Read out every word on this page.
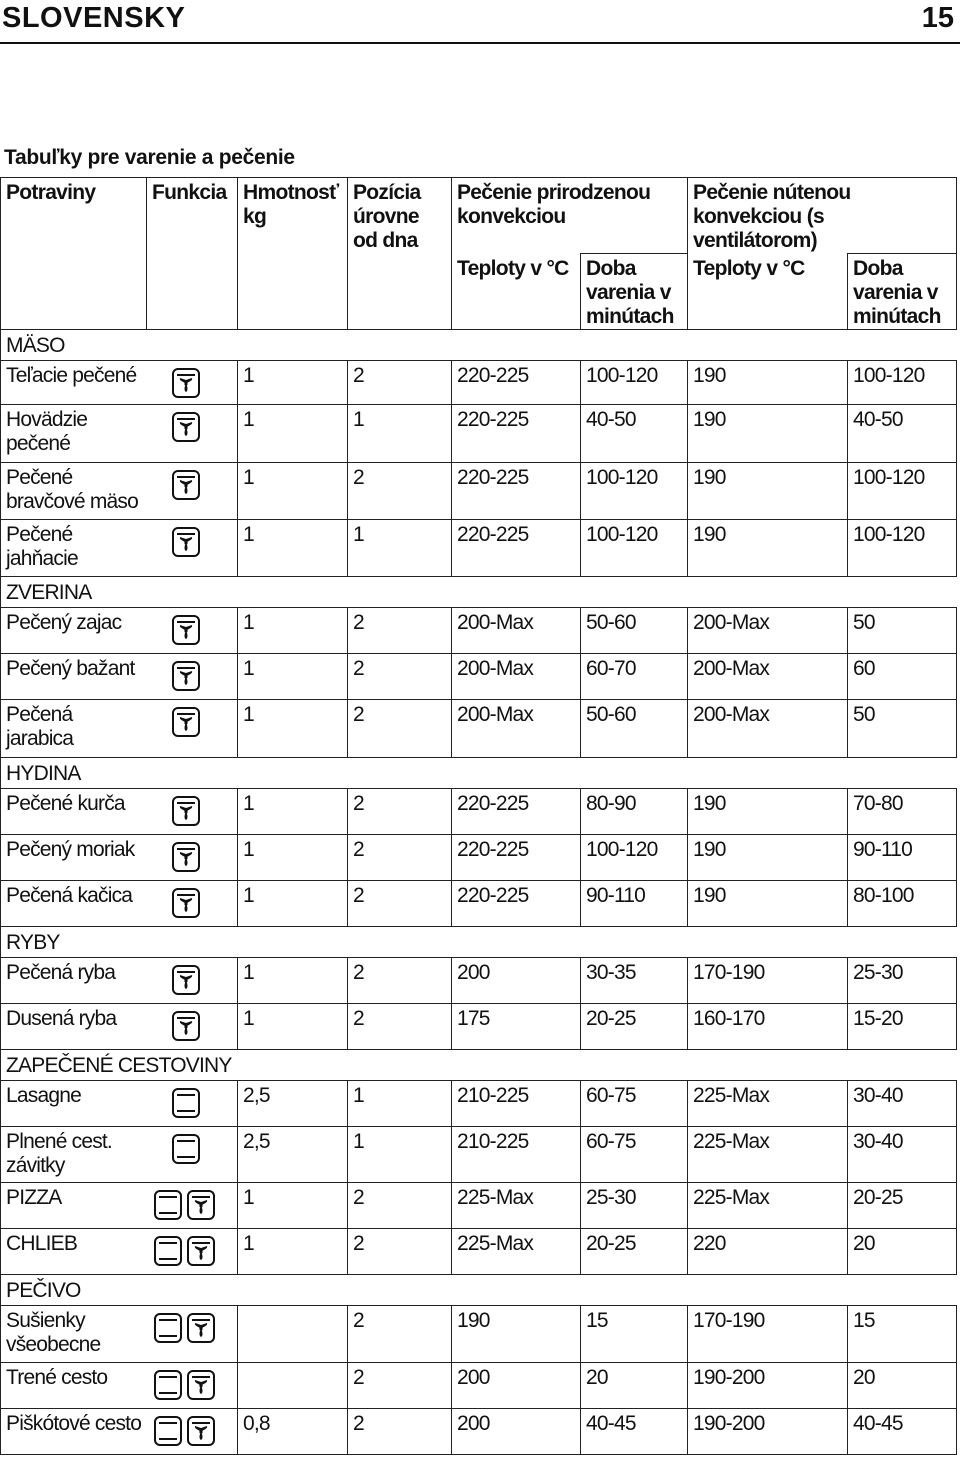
SLOVENSKY	15
Tabuľky pre varenie a pečenie
Potraviny	Funkcia	Hmotnosť kg	Pozícia úrovne od dna	Pečenie prirodzenou konvekciou		Pečenie nútenou konvekciou (s ventilátorom)	
				Teploty v °C	Doba varenia v minútach	Teploty v °C	Doba varenia v minútach
MÄSO							
Teľacie pečené		1	2	220-225	100-120	190	100-120
Hovädzie pečené		1	1	220-225	40-50	190	40-50
Pečené bravčové mäso		1	2	220-225	100-120	190	100-120
Pečené jahňacie		1	1	220-225	100-120	190	100-120
ZVERINA							
Pečený zajac		1	2	200-Max	50-60	200-Max	50
Pečený bažant		1	2	200-Max	60-70	200-Max	60
Pečená jarabica		1	2	200-Max	50-60	200-Max	50
HYDINA							
Pečené kurča		1	2	220-225	80-90	190	70-80
Pečený moriak		1	2	220-225	100-120	190	90-110
Pečená kačica		1	2	220-225	90-110	190	80-100
RYBY							
Pečená ryba		1	2	200	30-35	170-190	25-30
Dusená ryba		1	2	175	20-25	160-170	15-20
ZAPEČENÉ CESTOVINY							
Lasagne		2,5	1	210-225	60-75	225-Max	30-40
Plnené cest. závitky		2,5	1	210-225	60-75	225-Max	30-40
PIZZA		1	2	225-Max	25-30	225-Max	20-25
CHLIEB		1	2	225-Max	20-25	220	20
PEČIVO							
Sušienky všeobecne			2	190	15	170-190	15
Trené cesto			2	200	20	190-200	20
Piškótové cesto		0,8	2	200	40-45	190-200	40-45
